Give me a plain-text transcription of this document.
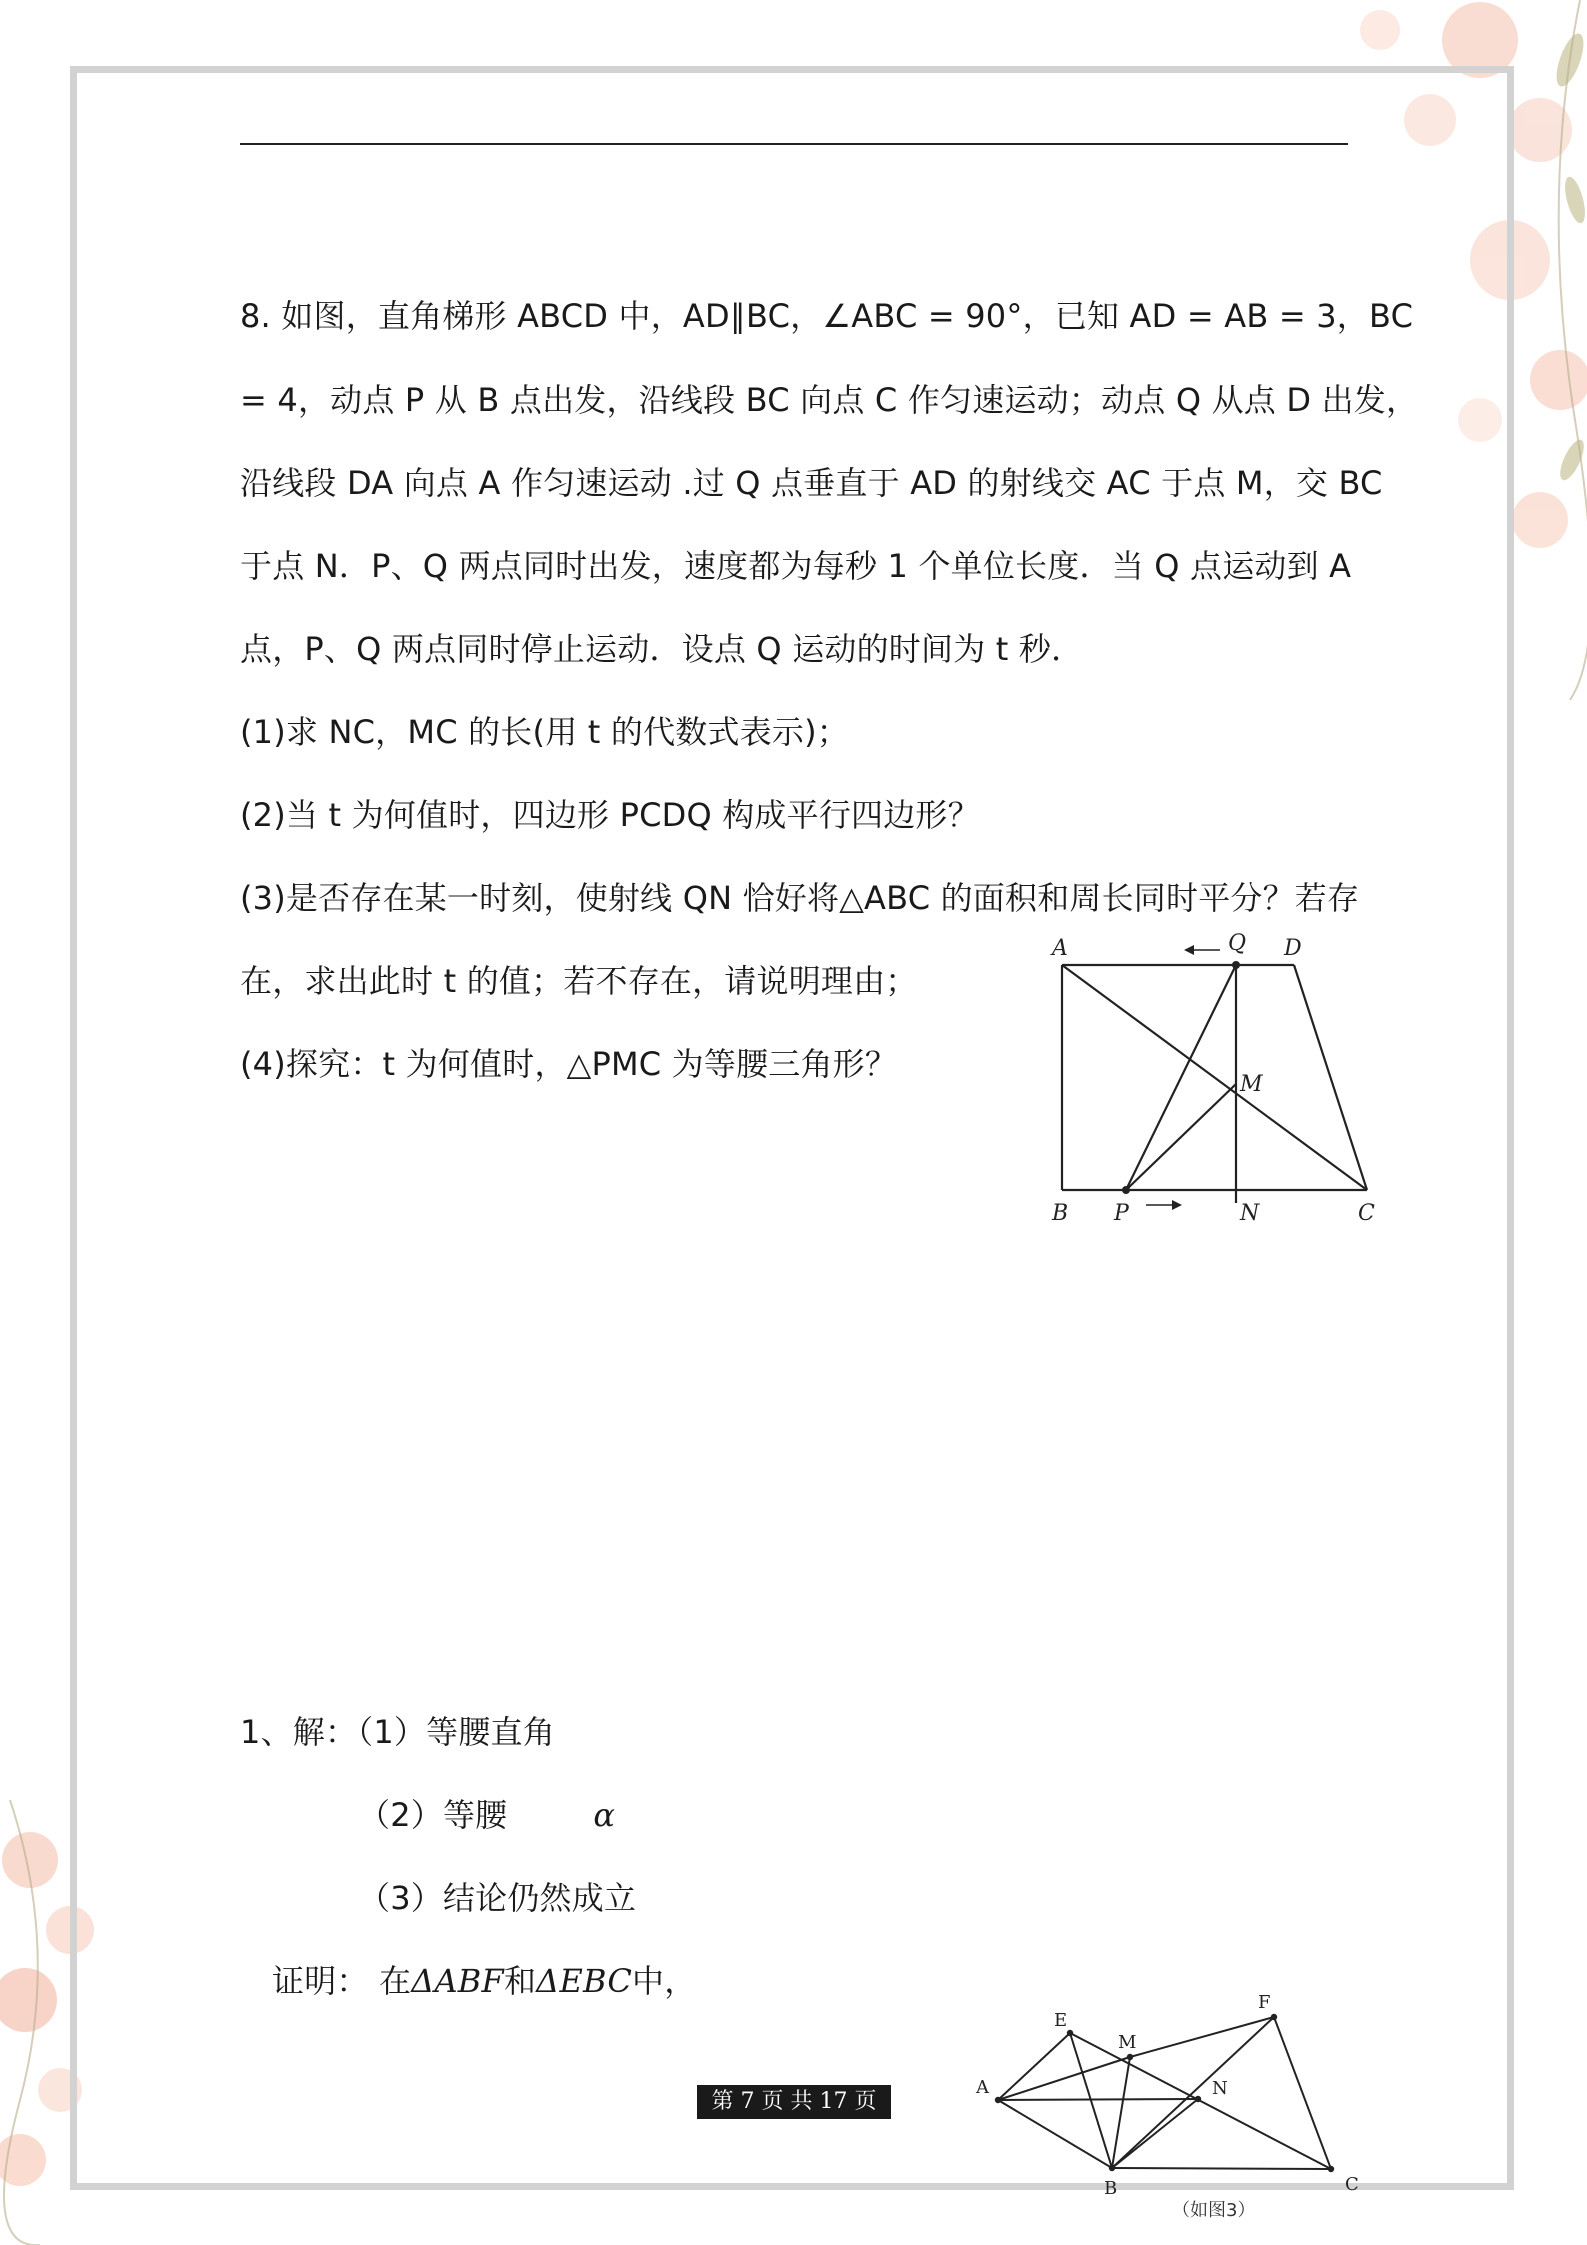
8. 如图，直角梯形 ABCD 中，AD∥BC，∠ABC = 90°，已知 AD = AB = 3，BC
= 4，动点 P 从 B 点出发，沿线段 BC 向点 C 作匀速运动；动点 Q 从点 D 出发，
沿线段 DA 向点 A 作匀速运动 .过 Q 点垂直于 AD 的射线交 AC 于点 M，交 BC
于点 N．P、Q 两点同时出发，速度都为每秒 1 个单位长度．当 Q 点运动到 A
点，P、Q 两点同时停止运动．设点 Q 运动的时间为 t 秒．
(1)求 NC，MC 的长(用 t 的代数式表示)；
(2)当 t 为何值时，四边形 PCDQ 构成平行四边形？
(3)是否存在某一时刻，使射线 QN 恰好将△ABC 的面积和周长同时平分？若存
在，求出此时 t 的值；若不存在，请说明理由；
(4)探究：t 为何值时，△PMC 为等腰三角形？
A	Q D
M
B P	N	C
1、解：（1）等腰直角
（2）等腰	α
（3）结论仍然成立
证明： 在ΔABF和ΔEBC中，
A
E
M
N
F
B	C
（如图3）
第 7 页 共 17 页
